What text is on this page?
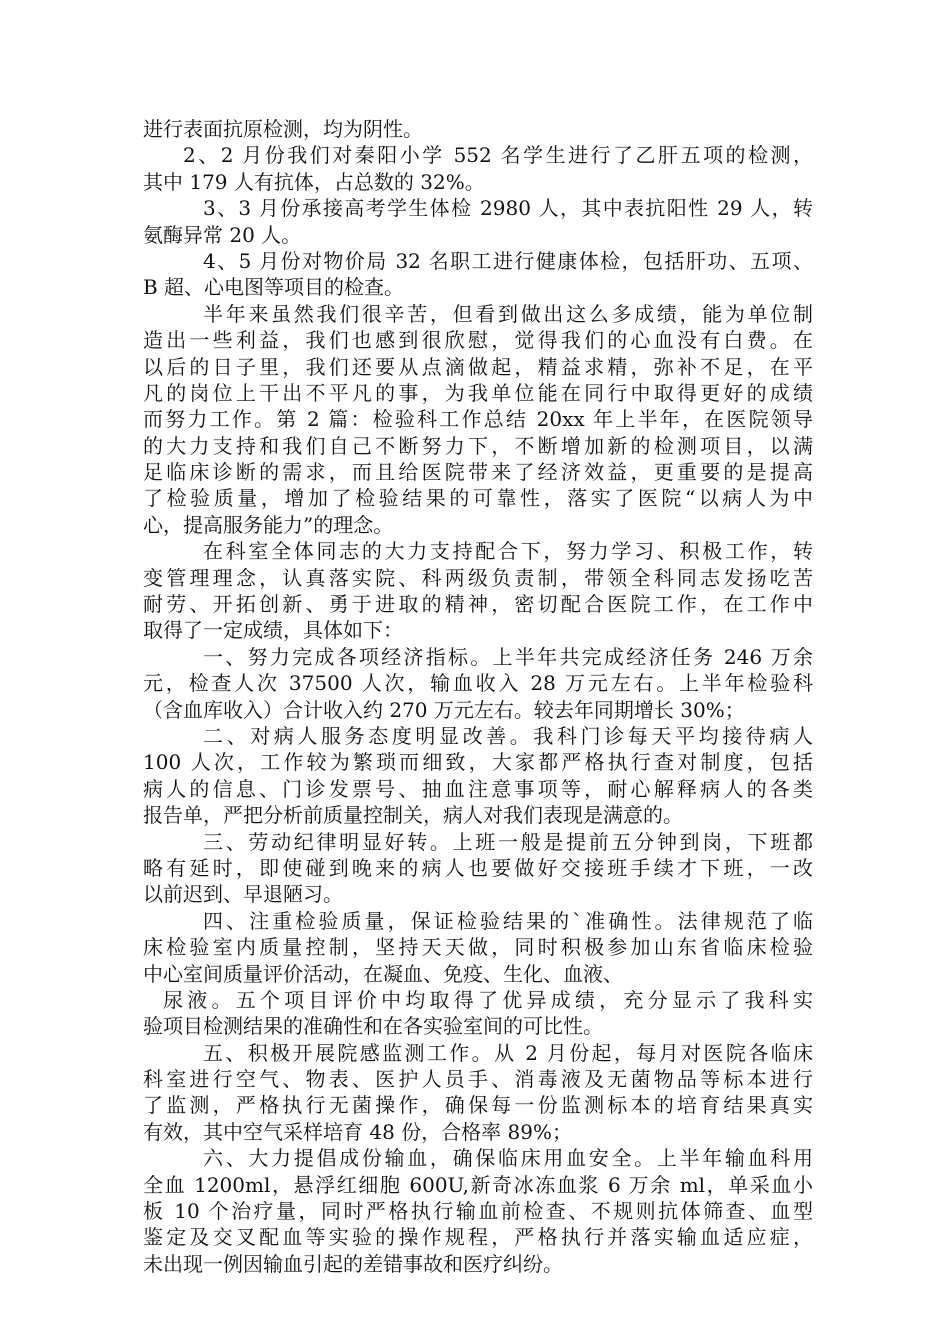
进行表面抗原检测，均为阴性。
2、2 月份我们对秦阳小学 552 名学生进行了乙肝五项的检测，
其中 179 人有抗体，占总数的 32%。
3、3 月份承接高考学生体检 2980 人，其中表抗阳性 29 人，转
氨酶异常 20 人。
4、5 月份对物价局 32 名职工进行健康体检，包括肝功、五项、
B 超、心电图等项目的检查。
半年来虽然我们很辛苦，但看到做出这么多成绩，能为单位制
造出一些利益，我们也感到很欣慰，觉得我们的心血没有白费。在
以后的日子里，我们还要从点滴做起，精益求精，弥补不足，在平
凡的岗位上干出不平凡的事，为我单位能在同行中取得更好的成绩
而努力工作。第 2 篇：检验科工作总结 20xx 年上半年，在医院领导
的大力支持和我们自己不断努力下，不断增加新的检测项目，以满
足临床诊断的需求，而且给医院带来了经济效益，更重要的是提高
了检验质量，增加了检验结果的可靠性，落实了医院“以病人为中
心，提高服务能力”的理念。
在科室全体同志的大力支持配合下，努力学习、积极工作，转
变管理理念，认真落实院、科两级负责制，带领全科同志发扬吃苦
耐劳、开拓创新、勇于进取的精神，密切配合医院工作，在工作中
取得了一定成绩，具体如下：
一、努力完成各项经济指标。上半年共完成经济任务 246 万余
元，检查人次 37500 人次，输血收入 28 万元左右。上半年检验科
（含血库收入）合计收入约 270 万元左右。较去年同期增长 30%；
二、对病人服务态度明显改善。我科门诊每天平均接待病人
100 人次，工作较为繁琐而细致，大家都严格执行查对制度，包括
病人的信息、门诊发票号、抽血注意事项等，耐心解释病人的各类
报告单，严把分析前质量控制关，病人对我们表现是满意的。
三、劳动纪律明显好转。上班一般是提前五分钟到岗，下班都
略有延时，即使碰到晚来的病人也要做好交接班手续才下班，一改
以前迟到、早退陋习。
四、注重检验质量，保证检验结果的`准确性。法律规范了临
床检验室内质量控制，坚持天天做，同时积极参加山东省临床检验
中心室间质量评价活动，在凝血、免疫、生化、血液、
尿液。五个项目评价中均取得了优异成绩，充分显示了我科实
验项目检测结果的准确性和在各实验室间的可比性。
五、积极开展院感监测工作。从 2 月份起，每月对医院各临床
科室进行空气、物表、医护人员手、消毒液及无菌物品等标本进行
了监测，严格执行无菌操作，确保每一份监测标本的培育结果真实
有效，其中空气采样培育 48 份，合格率 89%；
六、大力提倡成份输血，确保临床用血安全。上半年输血科用
全血 1200ml，悬浮红细胞 600U,新奇冰冻血浆 6 万余 ml，单采血小
板 10 个治疗量，同时严格执行输血前检查、不规则抗体筛查、血型
鉴定及交叉配血等实验的操作规程，严格执行并落实输血适应症，
未出现一例因输血引起的差错事故和医疗纠纷。
